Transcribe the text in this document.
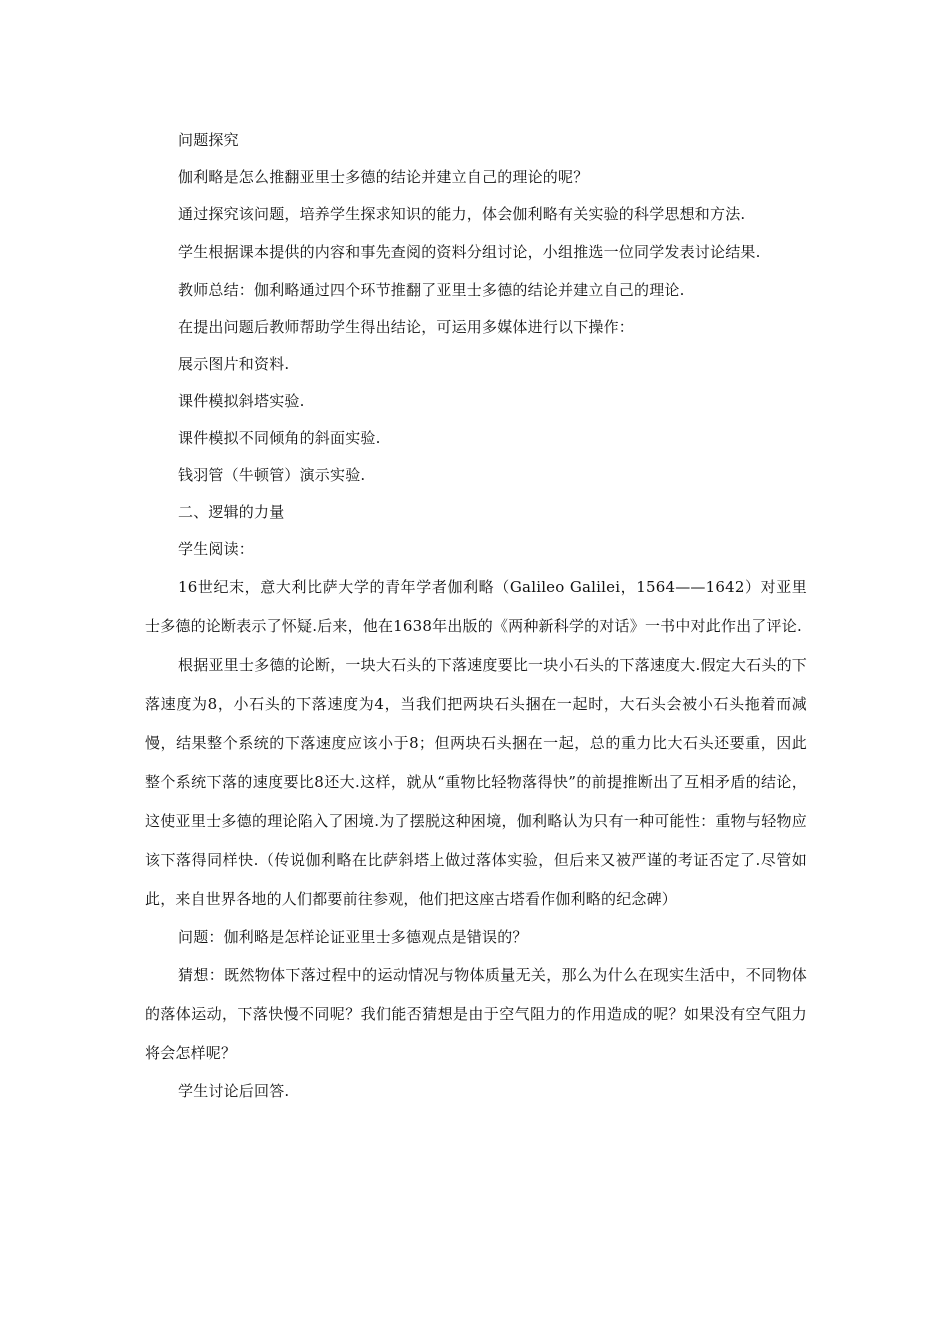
问题探究

伽利略是怎么推翻亚里士多德的结论并建立自己的理论的呢？

通过探究该问题，培养学生探求知识的能力，体会伽利略有关实验的科学思想和方法.

学生根据课本提供的内容和事先查阅的资料分组讨论，小组推选一位同学发表讨论结果.

教师总结：伽利略通过四个环节推翻了亚里士多德的结论并建立自己的理论.

在提出问题后教师帮助学生得出结论，可运用多媒体进行以下操作：

展示图片和资料.

课件模拟斜塔实验.

课件模拟不同倾角的斜面实验.

钱羽管（牛顿管）演示实验.

二、逻辑的力量

学生阅读：

16世纪末，意大利比萨大学的青年学者伽利略（Galileo Galilei，1564——1642）对亚里士多德的论断表示了怀疑.后来，他在1638年出版的《两种新科学的对话》一书中对此作出了评论.

根据亚里士多德的论断，一块大石头的下落速度要比一块小石头的下落速度大.假定大石头的下落速度为8，小石头的下落速度为4，当我们把两块石头捆在一起时，大石头会被小石头拖着而减慢，结果整个系统的下落速度应该小于8；但两块石头捆在一起，总的重力比大石头还要重，因此整个系统下落的速度要比8还大.这样，就从“重物比轻物落得快”的前提推断出了互相矛盾的结论，这使亚里士多德的理论陷入了困境.为了摆脱这种困境，伽利略认为只有一种可能性：重物与轻物应该下落得同样快.（传说伽利略在比萨斜塔上做过落体实验，但后来又被严谨的考证否定了.尽管如此，来自世界各地的人们都要前往参观，他们把这座古塔看作伽利略的纪念碑）

问题：伽利略是怎样论证亚里士多德观点是错误的？

猜想：既然物体下落过程中的运动情况与物体质量无关，那么为什么在现实生活中，不同物体的落体运动，下落快慢不同呢？我们能否猜想是由于空气阻力的作用造成的呢？如果没有空气阻力将会怎样呢？

学生讨论后回答.
